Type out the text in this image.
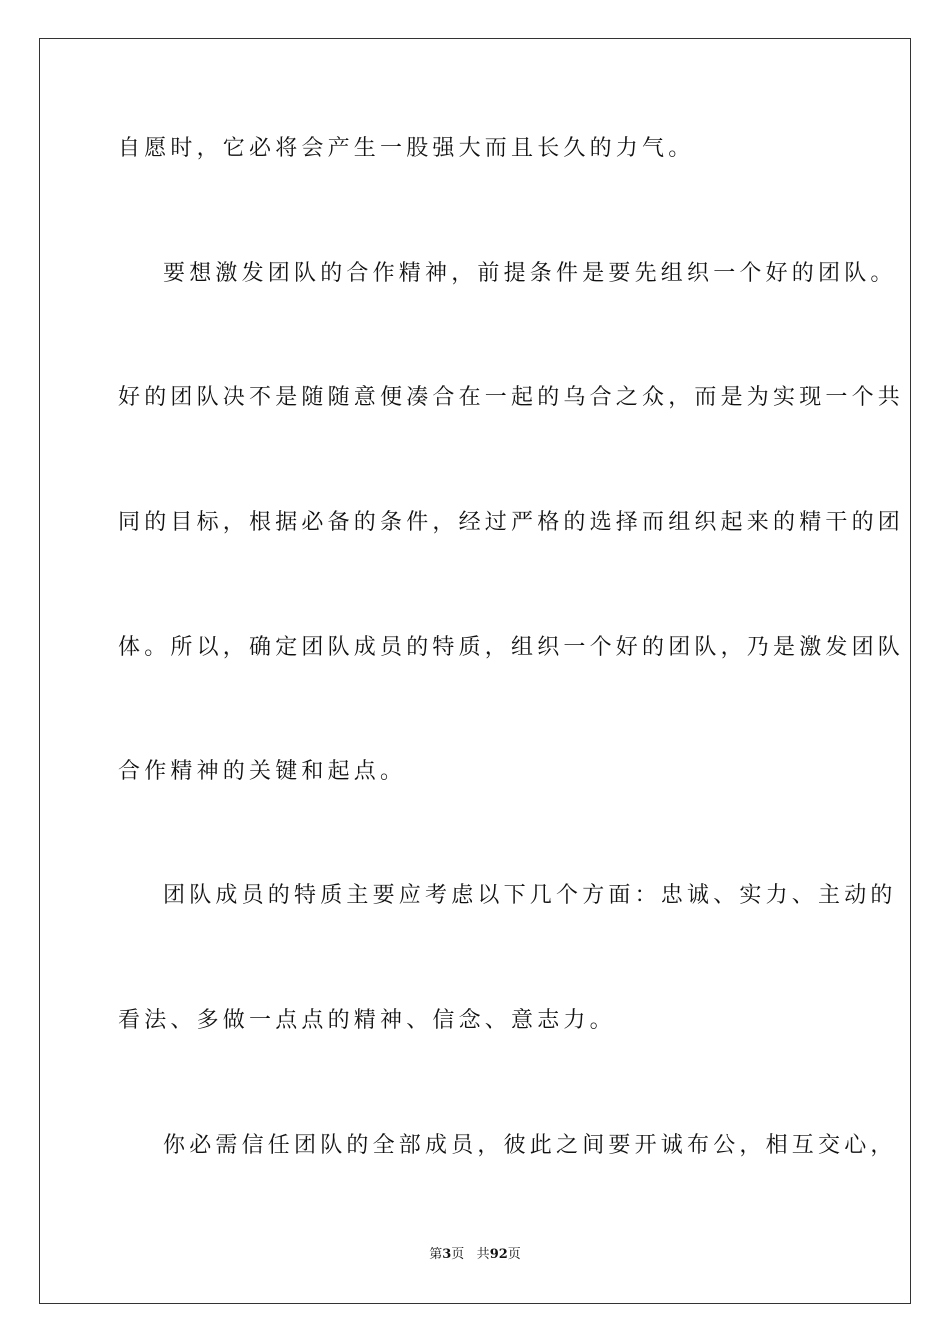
自愿时，它必将会产生一股强大而且长久的力气。
要想激发团队的合作精神，前提条件是要先组织一个好的团队。
好的团队决不是随随意便凑合在一起的乌合之众，而是为实现一个共
同的目标，根据必备的条件，经过严格的选择而组织起来的精干的团
体。所以，确定团队成员的特质，组织一个好的团队，乃是激发团队
合作精神的关键和起点。
团队成员的特质主要应考虑以下几个方面：忠诚、实力、主动的
看法、多做一点点的精神、信念、意志力。
你必需信任团队的全部成员，彼此之间要开诚布公，相互交心，
第3页 共92页
